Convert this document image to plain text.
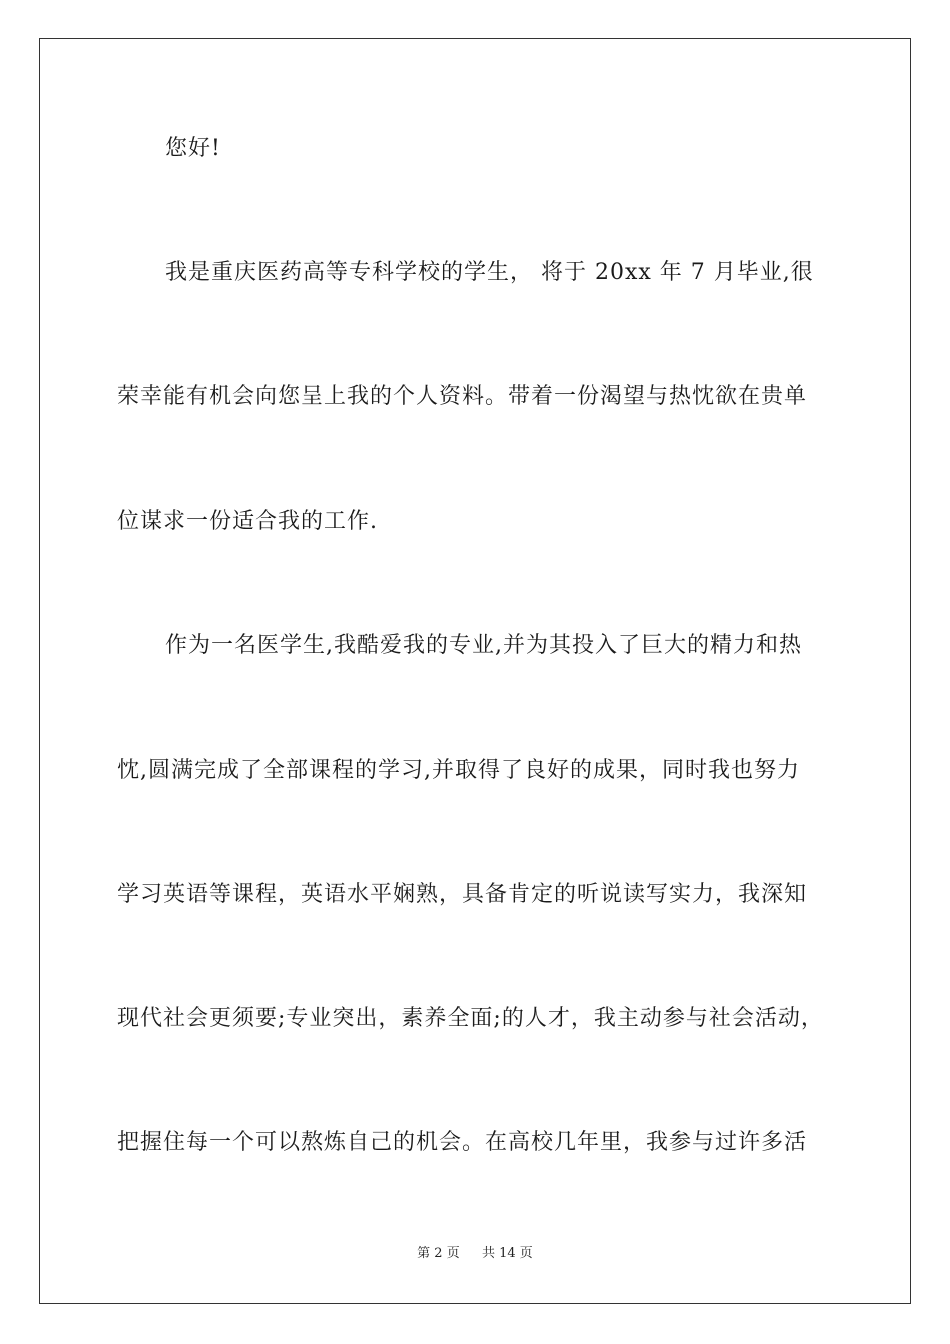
您好!
我是重庆医药高等专科学校的学生， 将于 20xx 年 7 月毕业,很
荣幸能有机会向您呈上我的个人资料。带着一份渴望与热忱欲在贵单
位谋求一份适合我的工作.
作为一名医学生,我酷爱我的专业,并为其投入了巨大的精力和热
忱,圆满完成了全部课程的学习,并取得了良好的成果，同时我也努力
学习英语等课程，英语水平娴熟，具备肯定的听说读写实力，我深知
现代社会更须要;专业突出，素养全面;的人才，我主动参与社会活动，
把握住每一个可以熬炼自己的机会。在高校几年里，我参与过许多活
第 2 页 共 14 页
